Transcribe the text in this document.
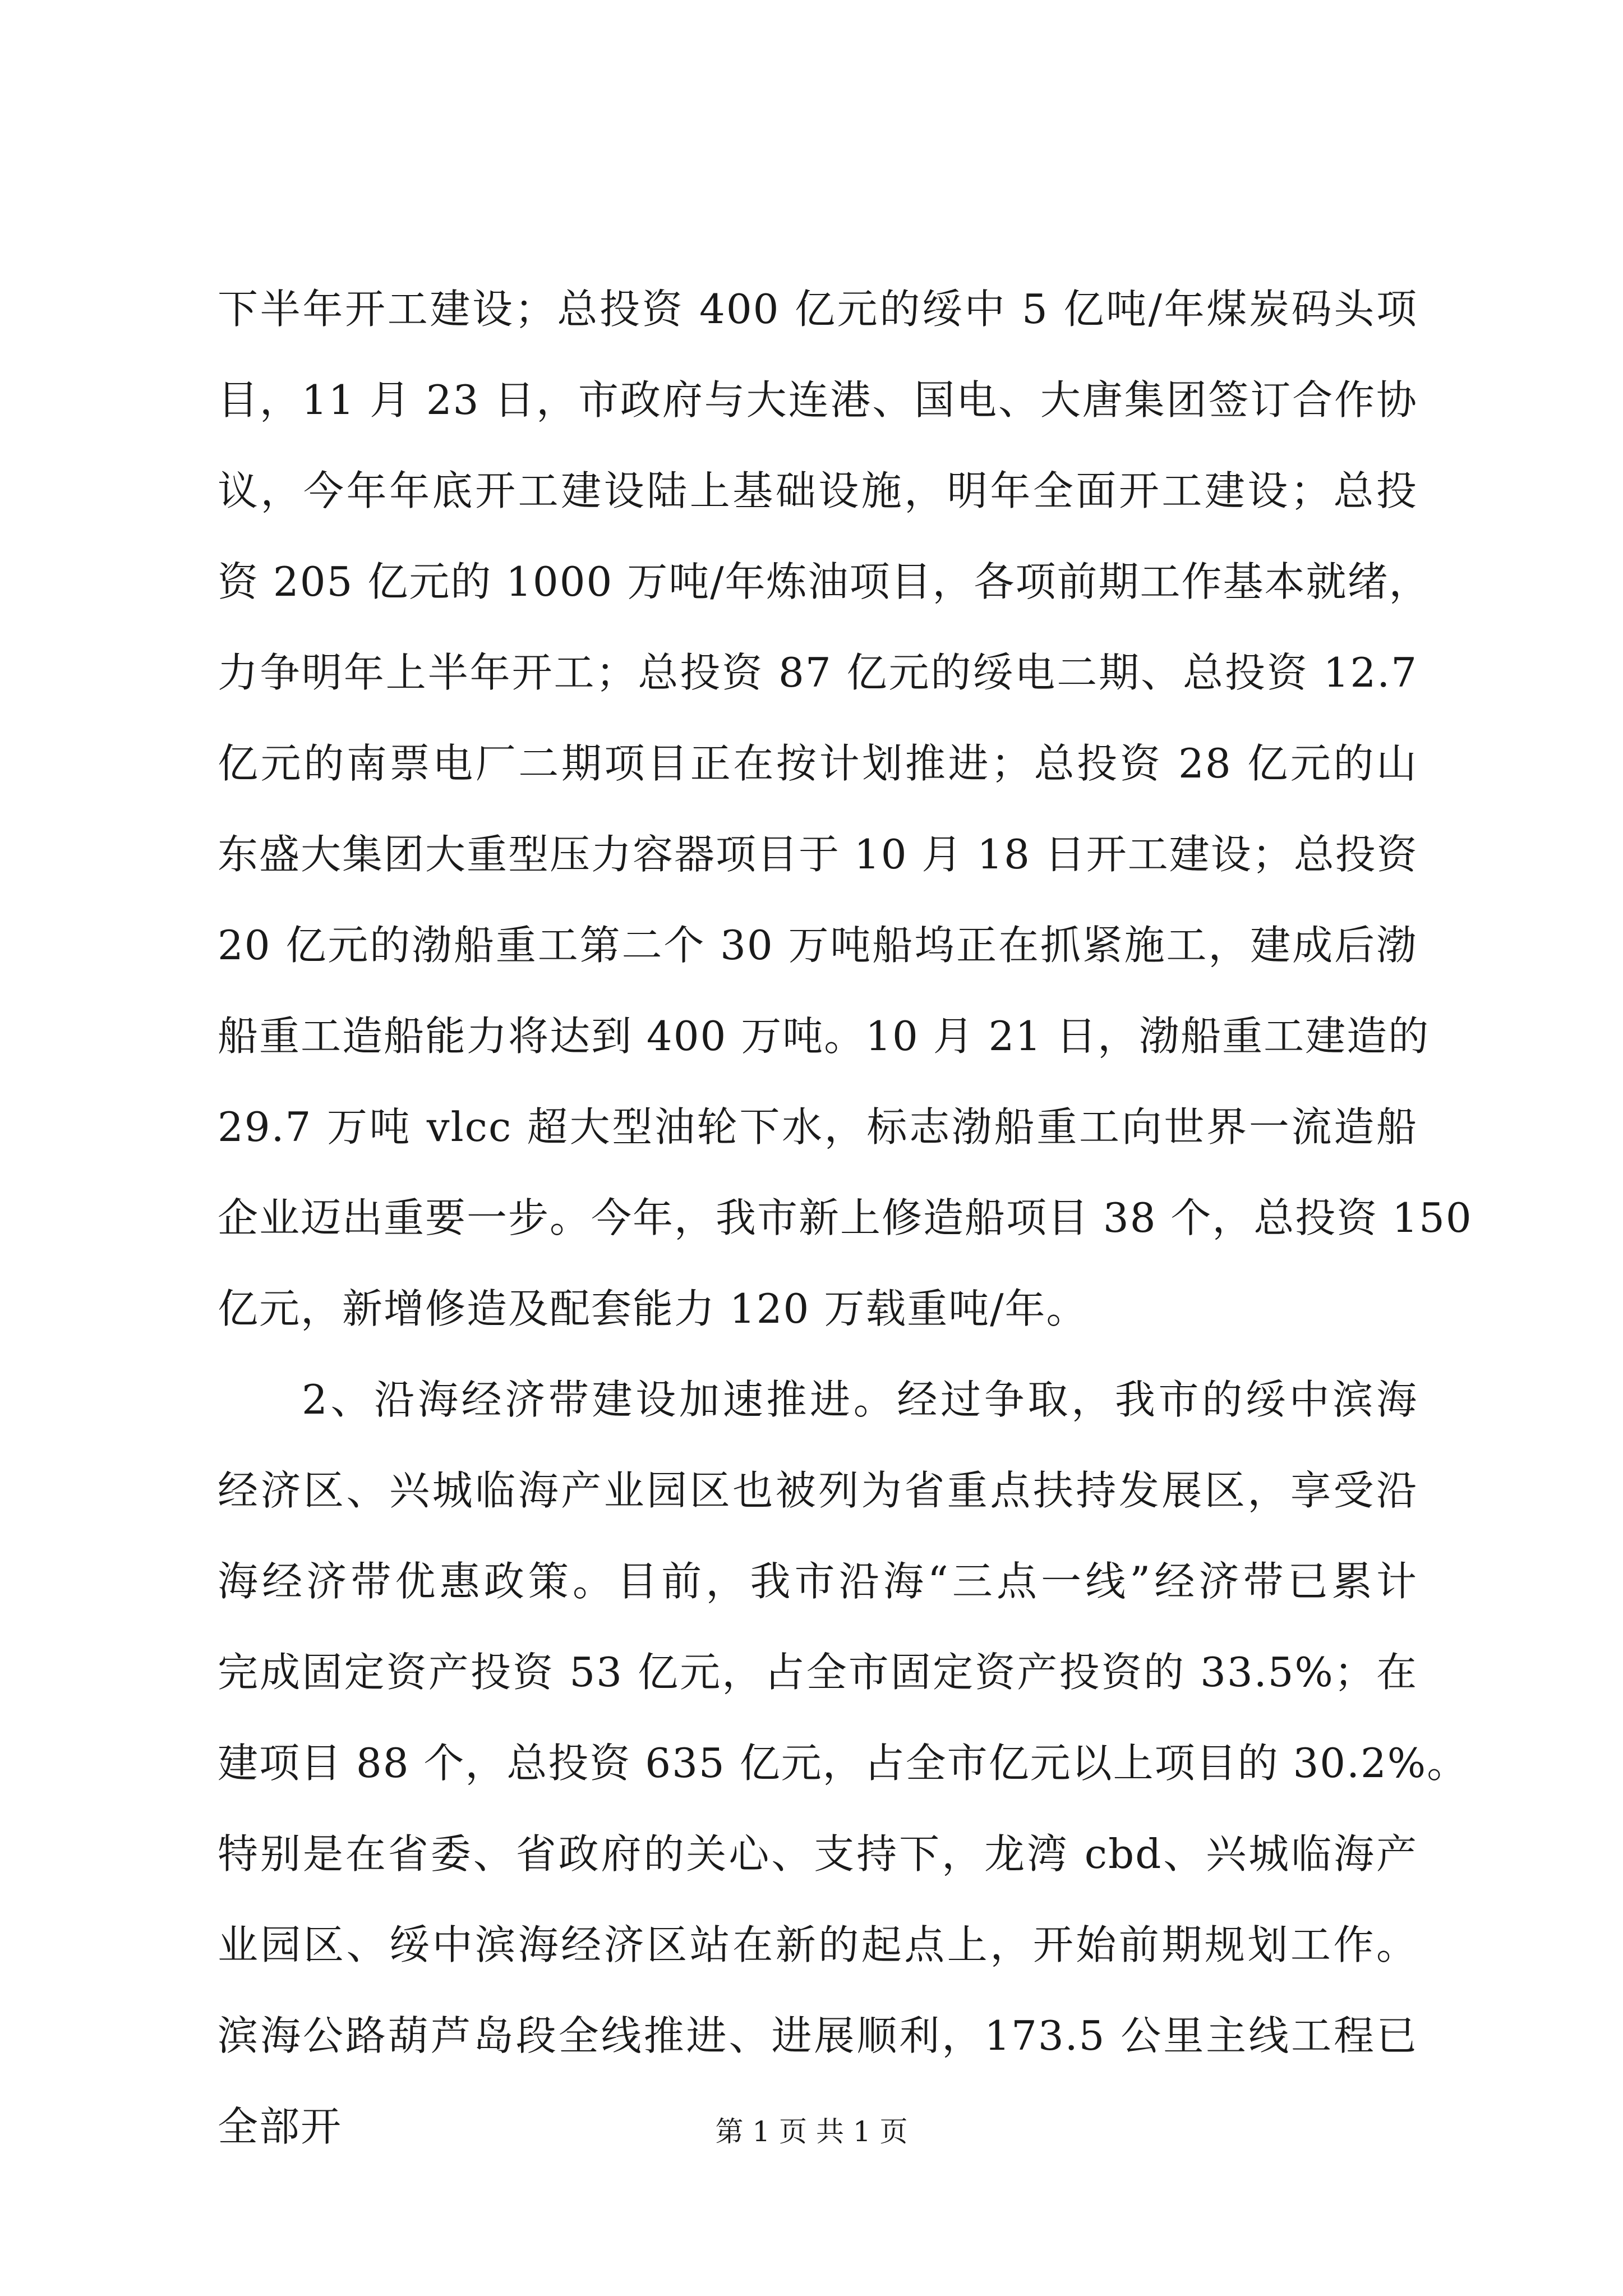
下半年开工建设；总投资 400 亿元的绥中 5 亿吨/年煤炭码头项
目，11 月 23 日，市政府与大连港、国电、大唐集团签订合作协
议，今年年底开工建设陆上基础设施，明年全面开工建设；总投
资 205 亿元的 1000 万吨/年炼油项目，各项前期工作基本就绪，
力争明年上半年开工；总投资 87 亿元的绥电二期、总投资 12.7
亿元的南票电厂二期项目正在按计划推进；总投资 28 亿元的山
东盛大集团大重型压力容器项目于 10 月 18 日开工建设；总投资
20 亿元的渤船重工第二个 30 万吨船坞正在抓紧施工，建成后渤
船重工造船能力将达到 400 万吨。10 月 21 日，渤船重工建造的
29.7 万吨 vlcc 超大型油轮下水，标志渤船重工向世界一流造船
企业迈出重要一步。今年，我市新上修造船项目 38 个，总投资 150
亿元，新增修造及配套能力 120 万载重吨/年。
2、沿海经济带建设加速推进。经过争取，我市的绥中滨海
经济区、兴城临海产业园区也被列为省重点扶持发展区，享受沿
海经济带优惠政策。目前，我市沿海“三点一线”经济带已累计
完成固定资产投资 53 亿元，占全市固定资产投资的 33.5%；在
建项目 88 个，总投资 635 亿元，占全市亿元以上项目的 30.2%。
特别是在省委、省政府的关心、支持下，龙湾 cbd、兴城临海产
业园区、绥中滨海经济区站在新的起点上，开始前期规划工作。
滨海公路葫芦岛段全线推进、进展顺利，173.5 公里主线工程已
全部开	第 1 页 共 1 页
